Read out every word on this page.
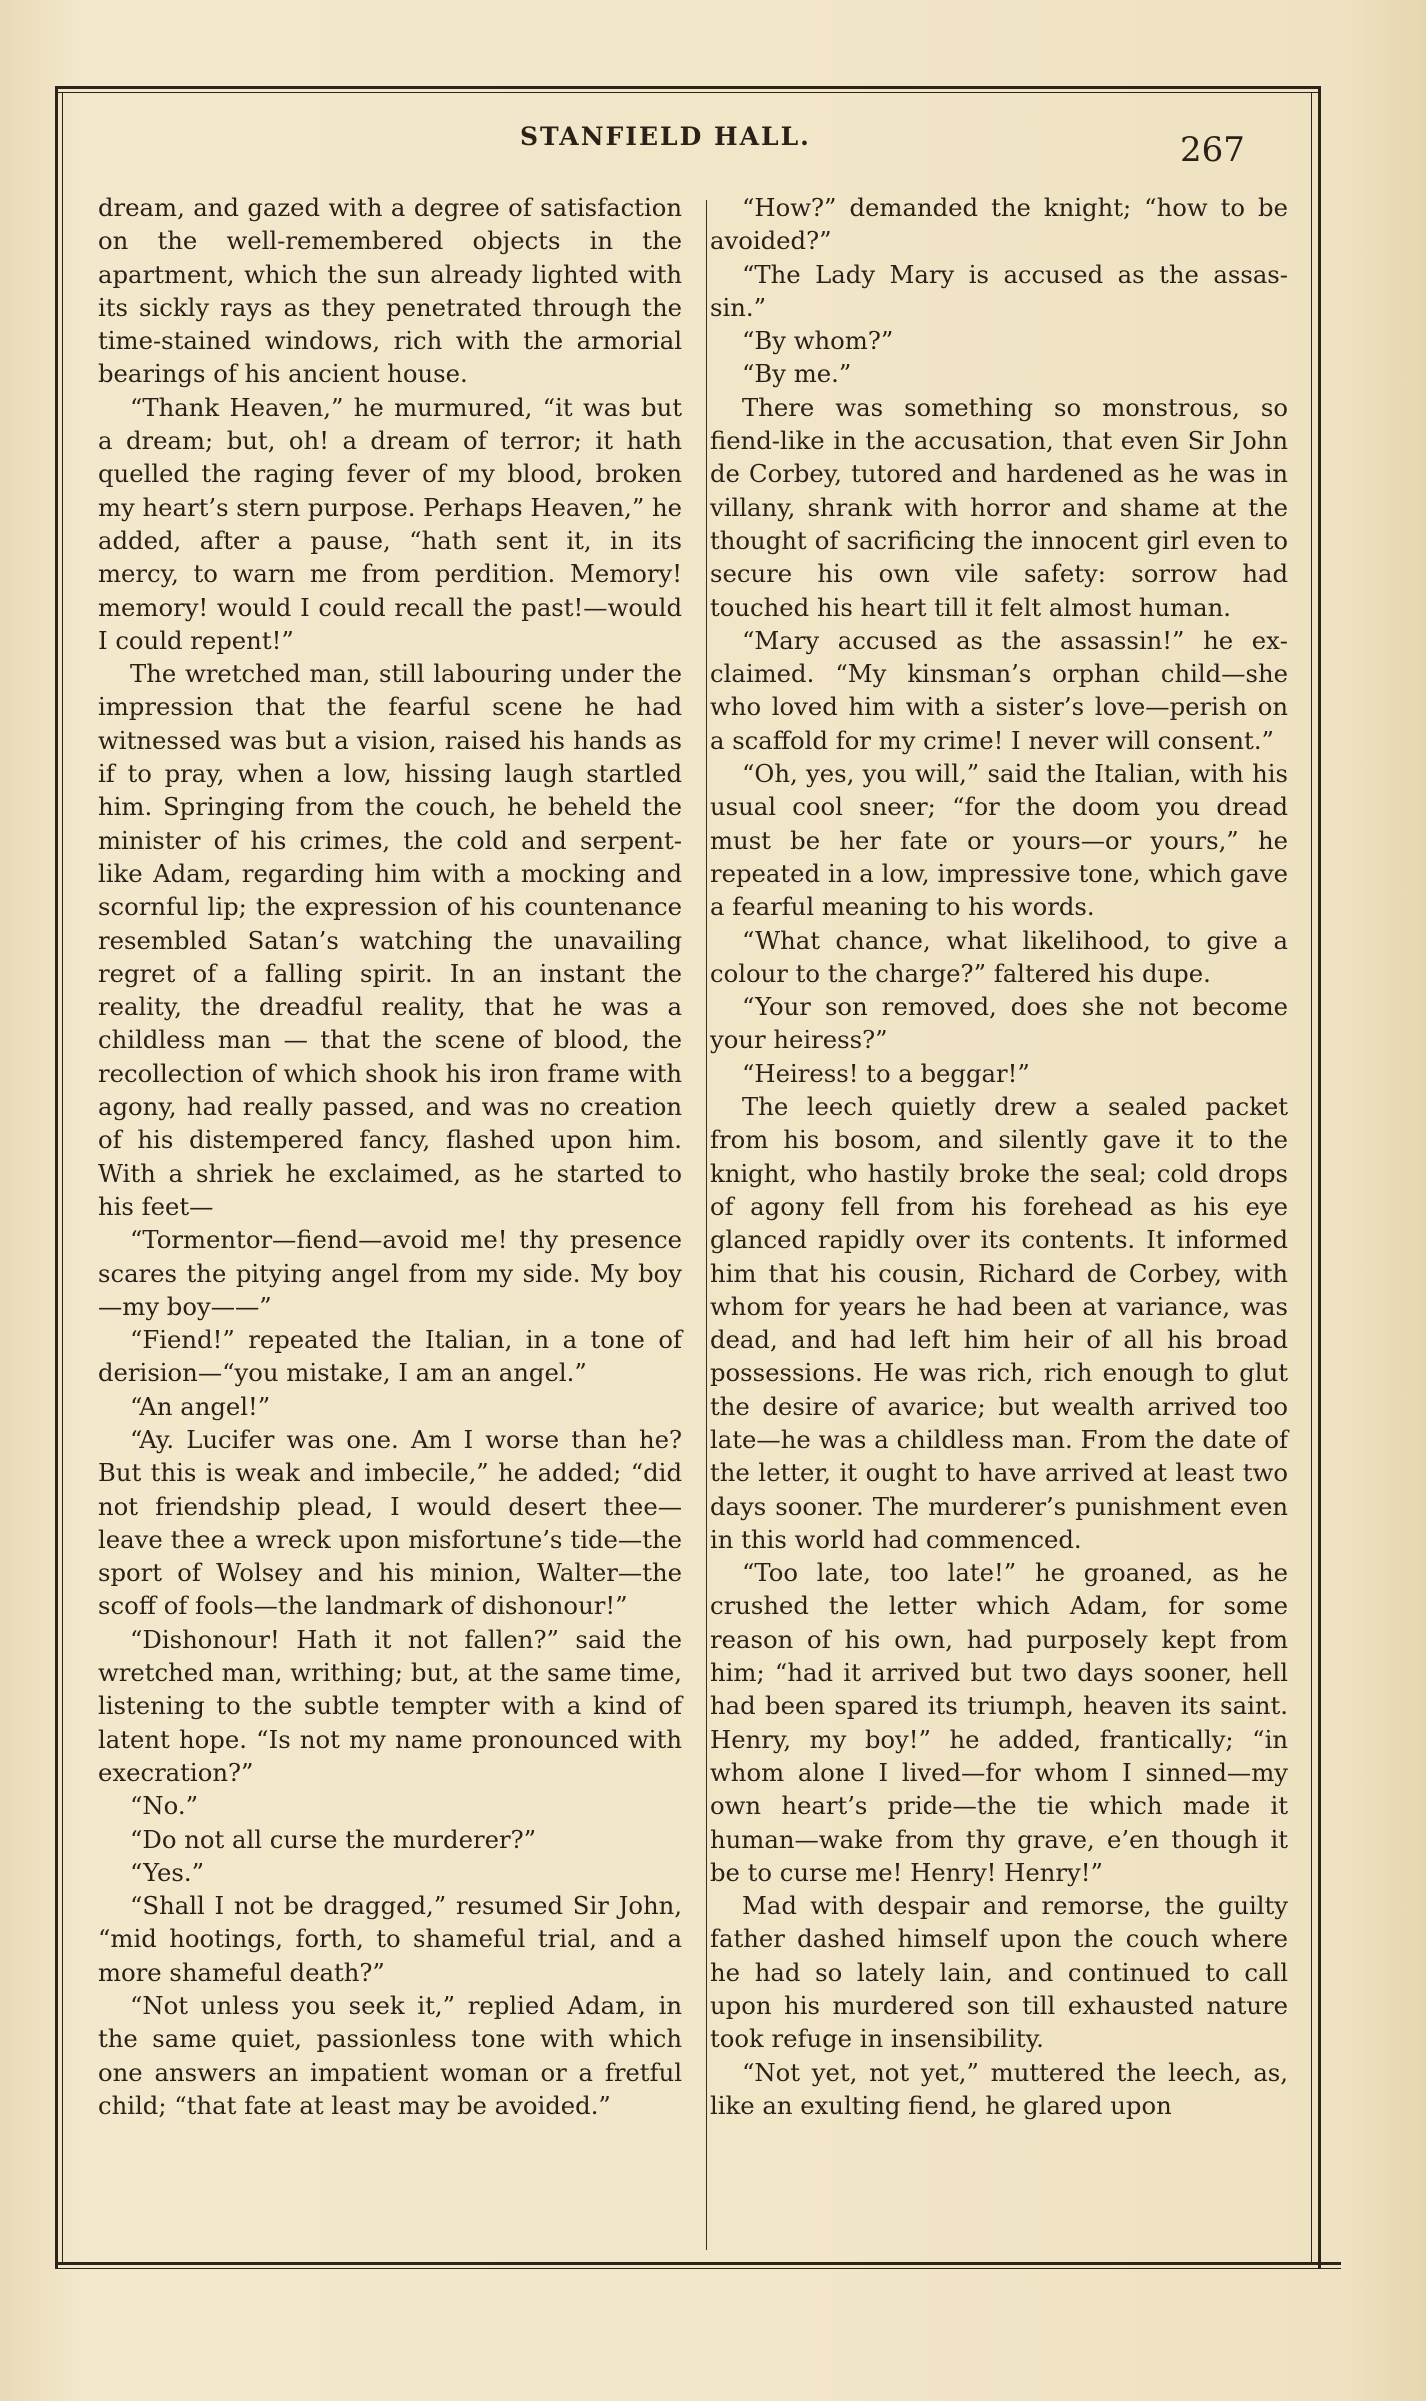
STANFIELD HALL.	267

dream, and gazed with a degree of satisfaction on the well-remembered objects in the apartment, which the sun already lighted with its sickly rays as they penetrated through the time-stained windows, rich with the armorial bearings of his ancient house.

“Thank Heaven,” he murmured, “it was but a dream; but, oh! a dream of terror; it hath quelled the raging fever of my blood, broken my heart’s stern purpose. Perhaps Heaven,” he added, after a pause, “hath sent it, in its mercy, to warn me from perdition. Memory! memory! would I could recall the past!—would I could repent!”

The wretched man, still labouring under the impression that the fearful scene he had witnessed was but a vision, raised his hands as if to pray, when a low, hissing laugh startled him. Springing from the couch, he beheld the minister of his crimes, the cold and serpent-like Adam, regarding him with a mocking and scornful lip; the expression of his countenance resembled Satan’s watching the unavailing regret of a falling spirit. In an instant the reality, the dreadful reality, that he was a childless man — that the scene of blood, the recollection of which shook his iron frame with agony, had really passed, and was no creation of his distempered fancy, flashed upon him. With a shriek he exclaimed, as he started to his feet—

“Tormentor—fiend—avoid me! thy presence scares the pitying angel from my side. My boy—my boy——”

“Fiend!” repeated the Italian, in a tone of derision—“you mistake, I am an angel.”

“An angel!”

“Ay. Lucifer was one. Am I worse than he? But this is weak and imbecile,” he added; “did not friendship plead, I would desert thee—leave thee a wreck upon misfortune’s tide—the sport of Wolsey and his minion, Walter—the scoff of fools—the landmark of dishonour!”

“Dishonour! Hath it not fallen?” said the wretched man, writhing; but, at the same time, listening to the subtle tempter with a kind of latent hope. “Is not my name pronounced with execration?”

“No.”

“Do not all curse the murderer?”

“Yes.”

“Shall I not be dragged,” resumed Sir John, “mid hootings, forth, to shameful trial, and a more shameful death?”

“Not unless you seek it,” replied Adam, in the same quiet, passionless tone with which one answers an impatient woman or a fretful child; “that fate at least may be avoided.”

“How?” demanded the knight; “how to be avoided?”

“The Lady Mary is accused as the assassin.”

“By whom?”

“By me.”

There was something so monstrous, so fiend-like in the accusation, that even Sir John de Corbey, tutored and hardened as he was in villany, shrank with horror and shame at the thought of sacrificing the innocent girl even to secure his own vile safety: sorrow had touched his heart till it felt almost human.

“Mary accused as the assassin!” he exclaimed. “My kinsman’s orphan child—she who loved him with a sister’s love—perish on a scaffold for my crime! I never will consent.”

“Oh, yes, you will,” said the Italian, with his usual cool sneer; “for the doom you dread must be her fate or yours—or yours,” he repeated in a low, impressive tone, which gave a fearful meaning to his words.

“What chance, what likelihood, to give a colour to the charge?” faltered his dupe.

“Your son removed, does she not become your heiress?”

“Heiress! to a beggar!”

The leech quietly drew a sealed packet from his bosom, and silently gave it to the knight, who hastily broke the seal; cold drops of agony fell from his forehead as his eye glanced rapidly over its contents. It informed him that his cousin, Richard de Corbey, with whom for years he had been at variance, was dead, and had left him heir of all his broad possessions. He was rich, rich enough to glut the desire of avarice; but wealth arrived too late—he was a childless man. From the date of the letter, it ought to have arrived at least two days sooner. The murderer’s punishment even in this world had commenced.

“Too late, too late!” he groaned, as he crushed the letter which Adam, for some reason of his own, had purposely kept from him; “had it arrived but two days sooner, hell had been spared its triumph, heaven its saint. Henry, my boy!” he added, frantically; “in whom alone I lived—for whom I sinned—my own heart’s pride—the tie which made it human—wake from thy grave, e’en though it be to curse me! Henry! Henry!”

Mad with despair and remorse, the guilty father dashed himself upon the couch where he had so lately lain, and continued to call upon his murdered son till exhausted nature took refuge in insensibility.

“Not yet, not yet,” muttered the leech, as, like an exulting fiend, he glared upon
